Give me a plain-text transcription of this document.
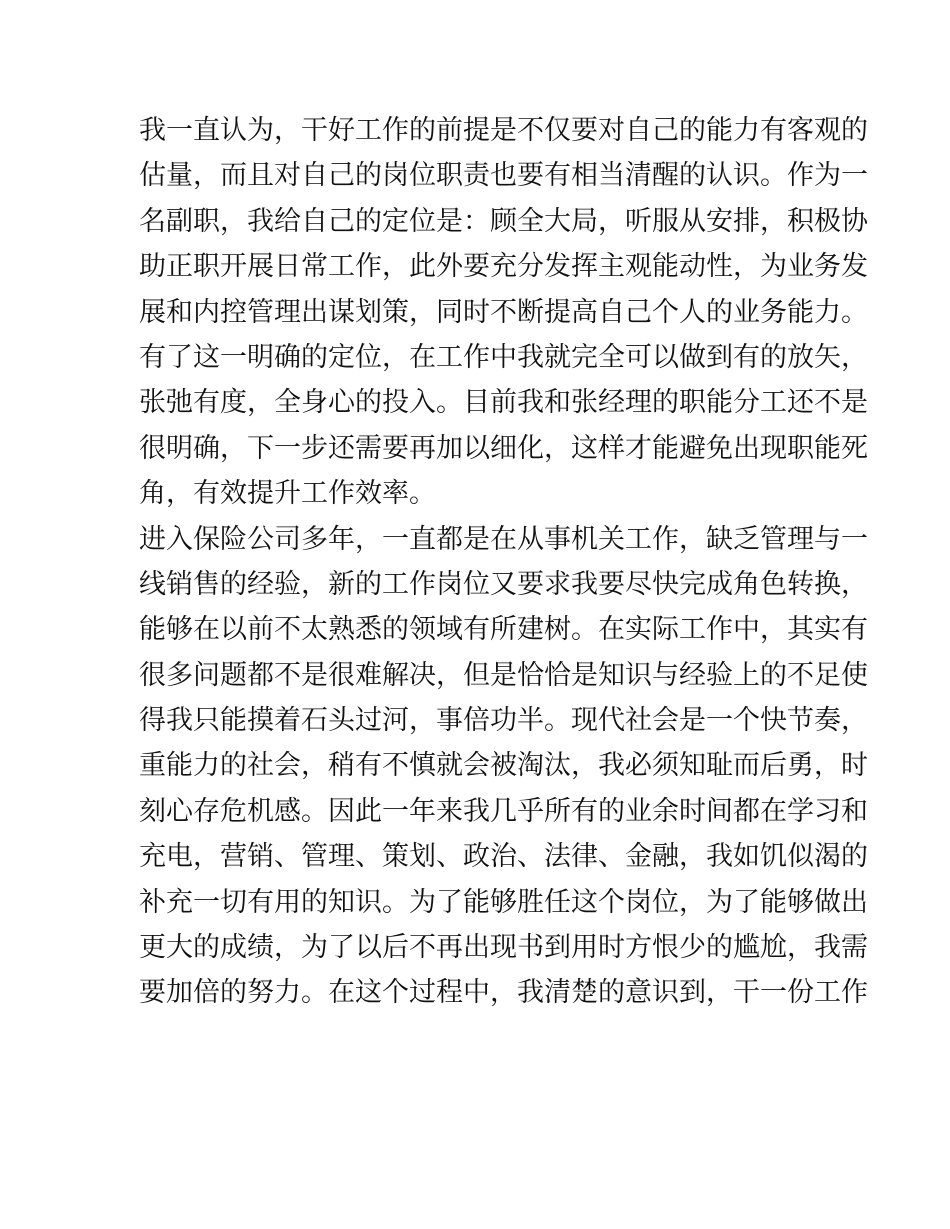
我一直认为，干好工作的前提是不仅要对自己的能力有客观的
估量，而且对自己的岗位职责也要有相当清醒的认识。作为一
名副职，我给自己的定位是：顾全大局，听服从安排，积极协
助正职开展日常工作，此外要充分发挥主观能动性，为业务发
展和内控管理出谋划策，同时不断提高自己个人的业务能力。
有了这一明确的定位，在工作中我就完全可以做到有的放矢，
张弛有度，全身心的投入。目前我和张经理的职能分工还不是
很明确，下一步还需要再加以细化，这样才能避免出现职能死
角，有效提升工作效率。
进入保险公司多年，一直都是在从事机关工作，缺乏管理与一
线销售的经验，新的工作岗位又要求我要尽快完成角色转换，
能够在以前不太熟悉的领域有所建树。在实际工作中，其实有
很多问题都不是很难解决，但是恰恰是知识与经验上的不足使
得我只能摸着石头过河，事倍功半。现代社会是一个快节奏，
重能力的社会，稍有不慎就会被淘汰，我必须知耻而后勇，时
刻心存危机感。因此一年来我几乎所有的业余时间都在学习和
充电，营销、管理、策划、政治、法律、金融，我如饥似渴的
补充一切有用的知识。为了能够胜任这个岗位，为了能够做出
更大的成绩，为了以后不再出现书到用时方恨少的尴尬，我需
要加倍的努力。在这个过程中，我清楚的意识到，干一份工作
